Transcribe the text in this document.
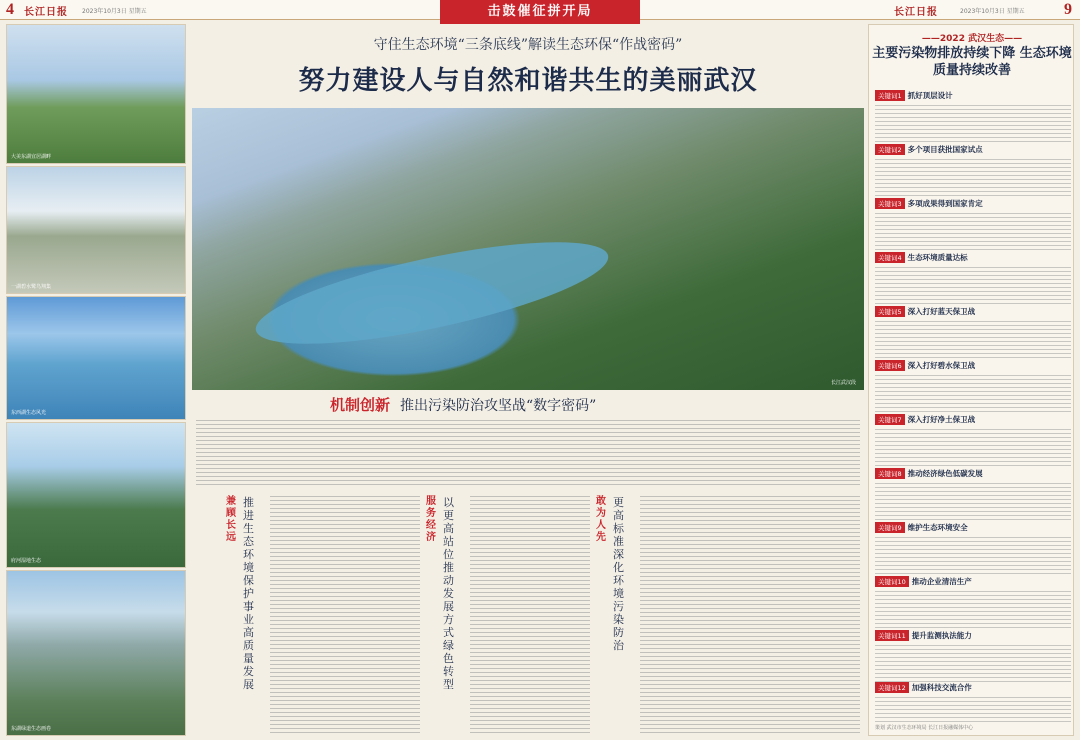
4 长江日报 2023年10月3日 星期五	长江日报	2023年10月3日 星期五 9
击鼓催征拼开局
大美东湖宜居湖畔
一湖碧水鹭鸟翔集
东西湖生态风光
府河湿地生态
东湖绿道生态画卷
守住生态环境“三条底线”解读生态环保“作战密码”
努力建设人与自然和谐共生的美丽武汉
长江武汉段
机制创新 推出污染防治攻坚战“数字密码”
兼顾长远
推进生态环境保护事业高质量发展
服务经济
以更高站位推动发展方式绿色转型
敢为人先
更高标准深化环境污染防治
——2022 武汉生态——
主要污染物排放持续下降 生态环境质量持续改善
关键词1 抓好顶层设计
关键词2 多个项目获批国家试点
关键词3 多项成果得到国家肯定
关键词4 生态环境质量达标
关键词5 深入打好蓝天保卫战
关键词6 深入打好碧水保卫战
关键词7 深入打好净土保卫战
关键词8 推动经济绿色低碳发展
关键词9 维护生态环境安全
关键词10 推动企业清洁生产
关键词11 提升监测执法能力
关键词12 加强科技交流合作
策划 武汉市生态环境局 长江日报融媒体中心
